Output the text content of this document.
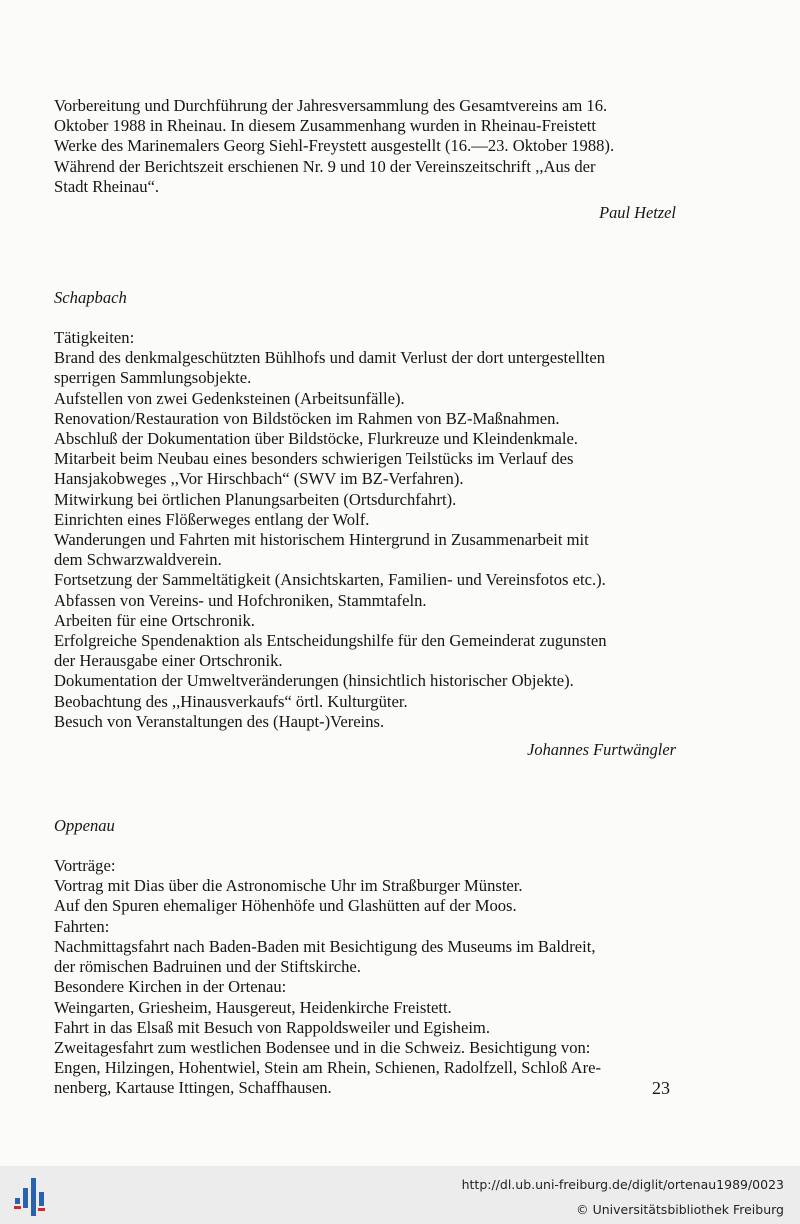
Vorbereitung und Durchführung der Jahresversammlung des Gesamtvereins am 16.
Oktober 1988 in Rheinau. In diesem Zusammenhang wurden in Rheinau-Freistett
Werke des Marinemalers Georg Siehl-Freystett ausgestellt (16.—23. Oktober 1988).
Während der Berichtszeit erschienen Nr. 9 und 10 der Vereinszeitschrift ,,Aus der
Stadt Rheinau“.

Paul Hetzel

Schapbach

Tätigkeiten:
Brand des denkmalgeschützten Bühlhofs und damit Verlust der dort untergestellten
sperrigen Sammlungsobjekte.
Aufstellen von zwei Gedenksteinen (Arbeitsunfälle).
Renovation/Restauration von Bildstöcken im Rahmen von BZ-Maßnahmen.
Abschluß der Dokumentation über Bildstöcke, Flurkreuze und Kleindenkmale.
Mitarbeit beim Neubau eines besonders schwierigen Teilstücks im Verlauf des
Hansjakobweges ,,Vor Hirschbach“ (SWV im BZ-Verfahren).
Mitwirkung bei örtlichen Planungsarbeiten (Ortsdurchfahrt).
Einrichten eines Flößerweges entlang der Wolf.
Wanderungen und Fahrten mit historischem Hintergrund in Zusammenarbeit mit
dem Schwarzwaldverein.
Fortsetzung der Sammeltätigkeit (Ansichtskarten, Familien- und Vereinsfotos etc.).
Abfassen von Vereins- und Hofchroniken, Stammtafeln.
Arbeiten für eine Ortschronik.
Erfolgreiche Spendenaktion als Entscheidungshilfe für den Gemeinderat zugunsten
der Herausgabe einer Ortschronik.
Dokumentation der Umweltveränderungen (hinsichtlich historischer Objekte).
Beobachtung des ,,Hinausverkaufs“ örtl. Kulturgüter.
Besuch von Veranstaltungen des (Haupt-)Vereins.

Johannes Furtwängler

Oppenau

Vorträge:
Vortrag mit Dias über die Astronomische Uhr im Straßburger Münster.
Auf den Spuren ehemaliger Höhenhöfe und Glashütten auf der Moos.
Fahrten:
Nachmittagsfahrt nach Baden-Baden mit Besichtigung des Museums im Baldreit,
der römischen Badruinen und der Stiftskirche.
Besondere Kirchen in der Ortenau:
Weingarten, Griesheim, Hausgereut, Heidenkirche Freistett.
Fahrt in das Elsaß mit Besuch von Rappoldsweiler und Egisheim.
Zweitagesfahrt zum westlichen Bodensee und in die Schweiz. Besichtigung von:
Engen, Hilzingen, Hohentwiel, Stein am Rhein, Schienen, Radolfzell, Schloß Are-
nenberg, Kartause Ittingen, Schaffhausen.	23
http://dl.ub.uni-freiburg.de/diglit/ortenau1989/0023
© Universitätsbibliothek Freiburg
